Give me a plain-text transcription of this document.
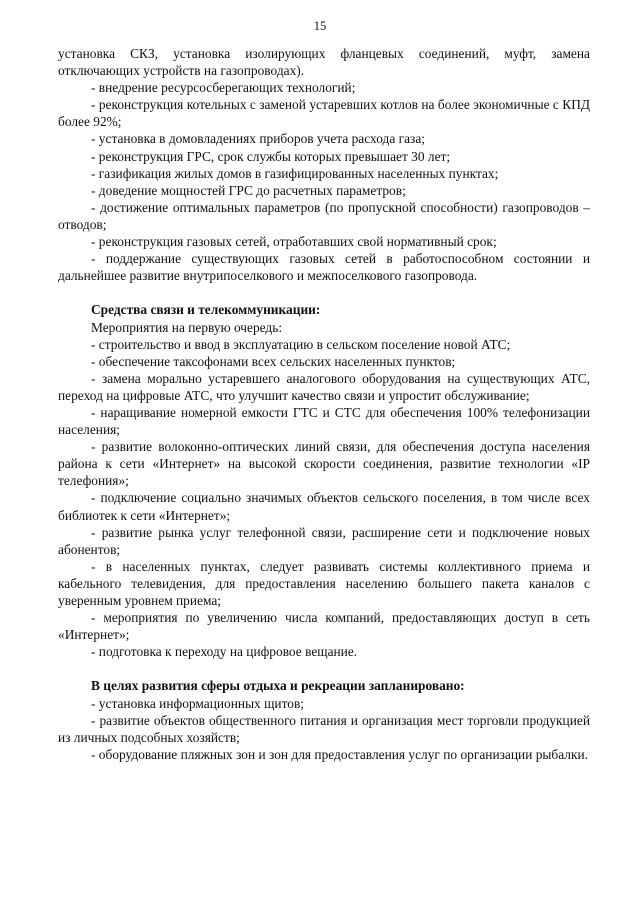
15

установка СКЗ, установка изолирующих фланцевых соединений, муфт, замена отключающих устройств на газопроводах).

- внедрение ресурсосберегающих технологий;

- реконструкция котельных с заменой устаревших котлов на более экономичные с КПД более 92%;

- установка в домовладениях приборов учета расхода газа;

- реконструкция ГРС, срок службы которых превышает 30 лет;

- газификация жилых домов в газифицированных населенных пунктах;

- доведение мощностей ГРС до расчетных параметров;

- достижение оптимальных параметров (по пропускной способности) газопроводов – отводов;

- реконструкция газовых сетей, отработавших свой нормативный срок;

- поддержание существующих газовых сетей в работоспособном состоянии и дальнейшее развитие внутрипоселкового и межпоселкового газопровода.

Средства связи и телекоммуникации:

Мероприятия на первую очередь:

- строительство и ввод в эксплуатацию в сельском поселение новой АТС;

- обеспечение таксофонами всех сельских населенных пунктов;

- замена морально устаревшего аналогового оборудования на существующих АТС, переход на цифровые АТС, что улучшит качество связи и упростит обслуживание;

- наращивание номерной емкости ГТС и СТС для обеспечения 100% телефонизации населения;

- развитие волоконно-оптических линий связи, для обеспечения доступа населения района к сети «Интернет» на высокой скорости соединения, развитие технологии «IP телефония»;

- подключение социально значимых объектов сельского поселения, в том числе всех библиотек к сети «Интернет»;

- развитие рынка услуг телефонной связи, расширение сети и подключение новых абонентов;

- в населенных пунктах, следует развивать системы коллективного приема и кабельного телевидения, для предоставления населению большего пакета каналов с уверенным уровнем приема;

- мероприятия по увеличению числа компаний, предоставляющих доступ в сеть «Интернет»;

- подготовка к переходу на цифровое вещание.

В целях развития сферы отдыха и рекреации запланировано:

- установка информационных щитов;

- развитие объектов общественного питания и организация мест торговли продукцией из личных подсобных хозяйств;

- оборудование пляжных зон и зон для предоставления услуг по организации рыбалки.
